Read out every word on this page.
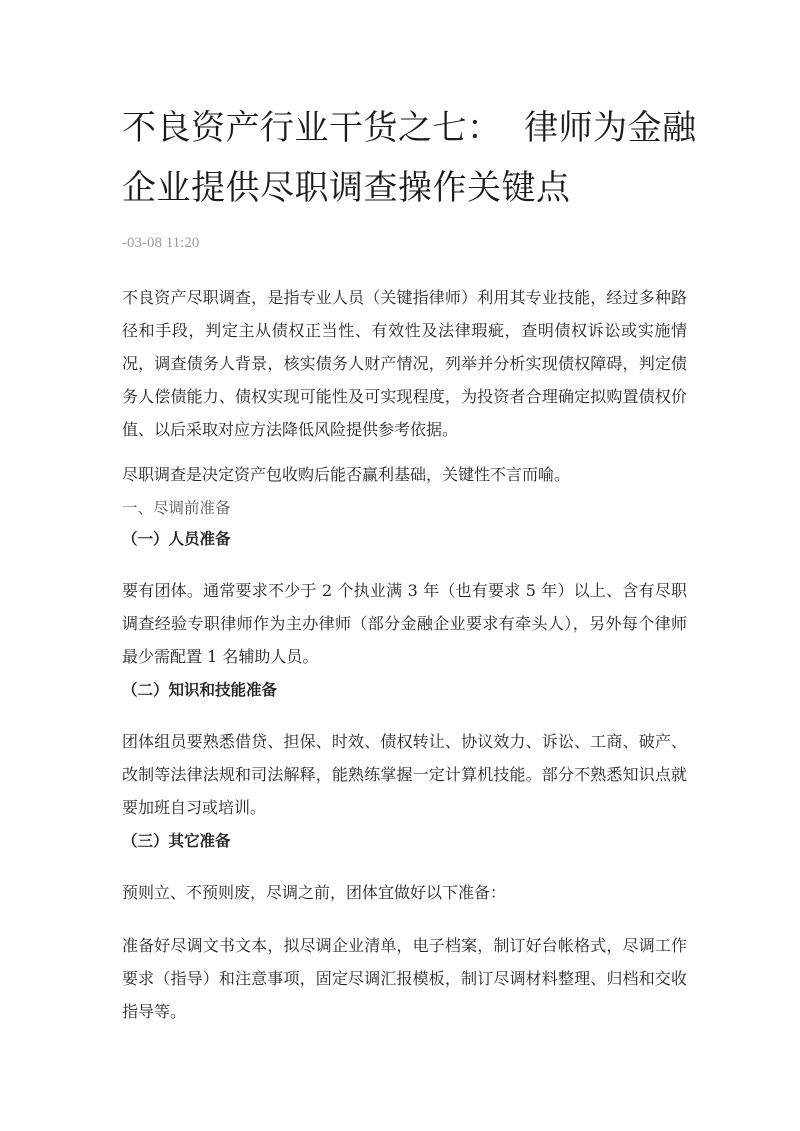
不良资产行业干货之七：  律师为金融
企业提供尽职调查操作关键点
-03-08 11:20

不良资产尽职调查，是指专业人员（关键指律师）利用其专业技能，经过多种路径和手段，判定主从债权正当性、有效性及法律瑕疵，查明债权诉讼或实施情况，调查债务人背景，核实债务人财产情况，列举并分析实现债权障碍，判定债务人偿债能力、债权实现可能性及可实现程度，为投资者合理确定拟购置债权价值、以后采取对应方法降低风险提供参考依据。

尽职调查是决定资产包收购后能否赢利基础，关键性不言而喻。

一、尽调前准备
（一）人员准备

要有团体。通常要求不少于 2 个执业满 3 年（也有要求 5 年）以上、含有尽职调查经验专职律师作为主办律师（部分金融企业要求有牵头人），另外每个律师最少需配置 1 名辅助人员。

（二）知识和技能准备

团体组员要熟悉借贷、担保、时效、债权转让、协议效力、诉讼、工商、破产、改制等法律法规和司法解释，能熟练掌握一定计算机技能。部分不熟悉知识点就要加班自习或培训。

（三）其它准备

预则立、不预则废，尽调之前，团体宜做好以下准备：

准备好尽调文书文本，拟尽调企业清单，电子档案，制订好台帐格式，尽调工作要求（指导）和注意事项，固定尽调汇报模板，制订尽调材料整理、归档和交收指导等。
